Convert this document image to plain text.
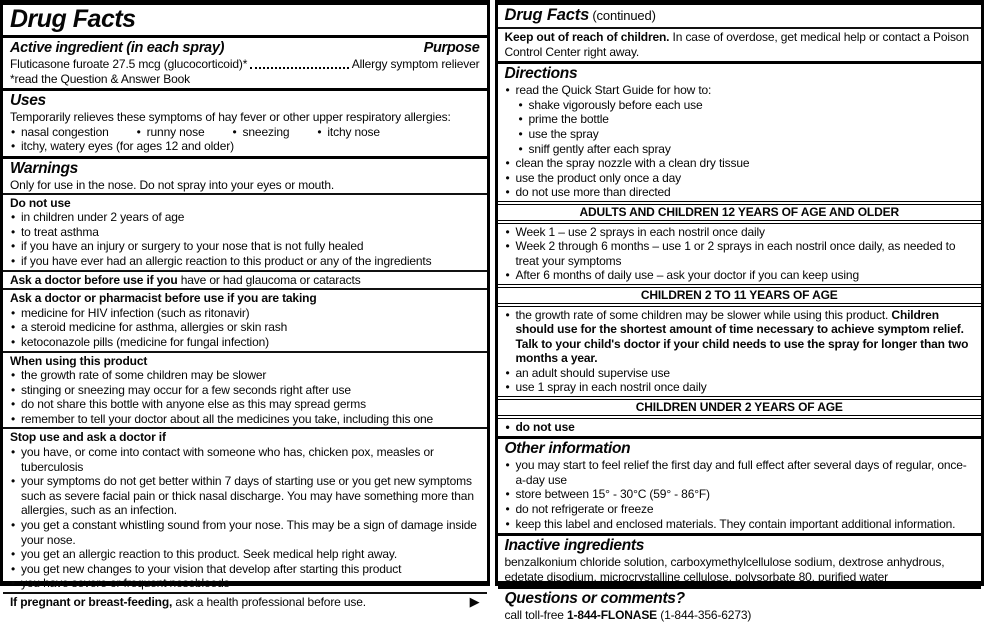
Drug Facts
Active ingredient (in each spray)	Purpose
Fluticasone furoate 27.5 mcg (glucocorticoid)*	Allergy symptom reliever
*read the Question & Answer Book
Uses
Temporarily relieves these symptoms of hay fever or other upper respiratory allergies:
• nasal congestion	• runny nose	• sneezing	• itchy nose
• itchy, watery eyes (for ages 12 and older)
Warnings
Only for use in the nose. Do not spray into your eyes or mouth.
Do not use
• in children under 2 years of age
• to treat asthma
• if you have an injury or surgery to your nose that is not fully healed
• if you have ever had an allergic reaction to this product or any of the ingredients
Ask a doctor before use if you have or had glaucoma or cataracts
Ask a doctor or pharmacist before use if you are taking
• medicine for HIV infection (such as ritonavir)
• a steroid medicine for asthma, allergies or skin rash
• ketoconazole pills (medicine for fungal infection)
When using this product
• the growth rate of some children may be slower
• stinging or sneezing may occur for a few seconds right after use
• do not share this bottle with anyone else as this may spread germs
• remember to tell your doctor about all the medicines you take, including this one
Stop use and ask a doctor if
• you have, or come into contact with someone who has, chicken pox, measles or tuberculosis
• your symptoms do not get better within 7 days of starting use or you get new symptoms such as severe facial pain or thick nasal discharge. You may have something more than allergies, such as an infection.
• you get a constant whistling sound from your nose. This may be a sign of damage inside your nose.
• you get an allergic reaction to this product. Seek medical help right away.
• you get new changes to your vision that develop after starting this product
• you have severe or frequent nosebleeds
If pregnant or breast-feeding, ask a health professional before use.	▶
Drug Facts (continued)
Keep out of reach of children. In case of overdose, get medical help or contact a Poison Control Center right away.
Directions
• read the Quick Start Guide for how to:
• shake vigorously before each use
• prime the bottle
• use the spray
• sniff gently after each spray
• clean the spray nozzle with a clean dry tissue
• use the product only once a day
• do not use more than directed
ADULTS AND CHILDREN 12 YEARS OF AGE AND OLDER
• Week 1 – use 2 sprays in each nostril once daily
• Week 2 through 6 months – use 1 or 2 sprays in each nostril once daily, as needed to treat your symptoms
• After 6 months of daily use – ask your doctor if you can keep using
CHILDREN 2 TO 11 YEARS OF AGE
• the growth rate of some children may be slower while using this product. Children should use for the shortest amount of time necessary to achieve symptom relief. Talk to your child's doctor if your child needs to use the spray for longer than two months a year.
• an adult should supervise use
• use 1 spray in each nostril once daily
CHILDREN UNDER 2 YEARS OF AGE
• do not use
Other information
• you may start to feel relief the first day and full effect after several days of regular, once-a-day use
• store between 15° - 30°C (59° - 86°F)
• do not refrigerate or freeze
• keep this label and enclosed materials. They contain important additional information.
Inactive ingredients
benzalkonium chloride solution, carboxymethylcellulose sodium, dextrose anhydrous, edetate disodium, microcrystalline cellulose, polysorbate 80, purified water
Questions or comments?
call toll-free 1-844-FLONASE (1-844-356-6273)
